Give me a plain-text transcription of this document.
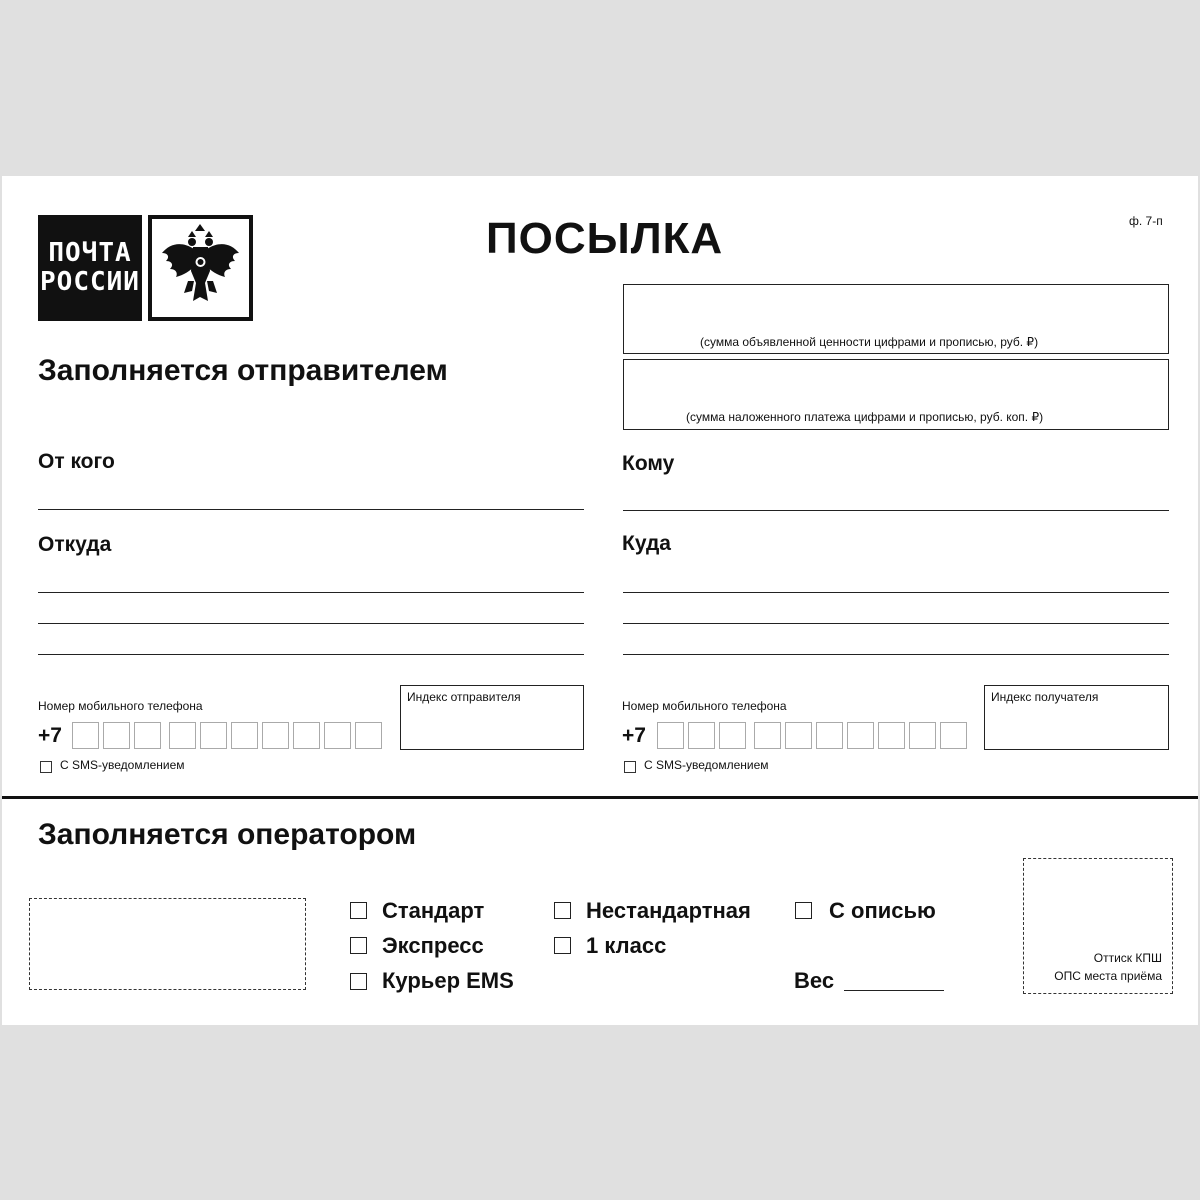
ПОЧТА
РОССИИ
ПОСЫЛКА	ф. 7-п
(сумма объявленной ценности цифрами и прописью, руб. ₽)
(сумма наложенного платежа цифрами и прописью, руб. коп. ₽)
Заполняется отправителем
От кого
Откуда
Кому
Куда
Номер мобильного телефона
+7
Индекс отправителя
С SMS-уведомлением
Номер мобильного телефона
+7
Индекс получателя
С SMS-уведомлением
Заполняется оператором
Стандарт
Экспресс
Курьер EMS
Нестандартная
1 класс
С описью
Вес
Оттиск КПШ
ОПС места приёма
